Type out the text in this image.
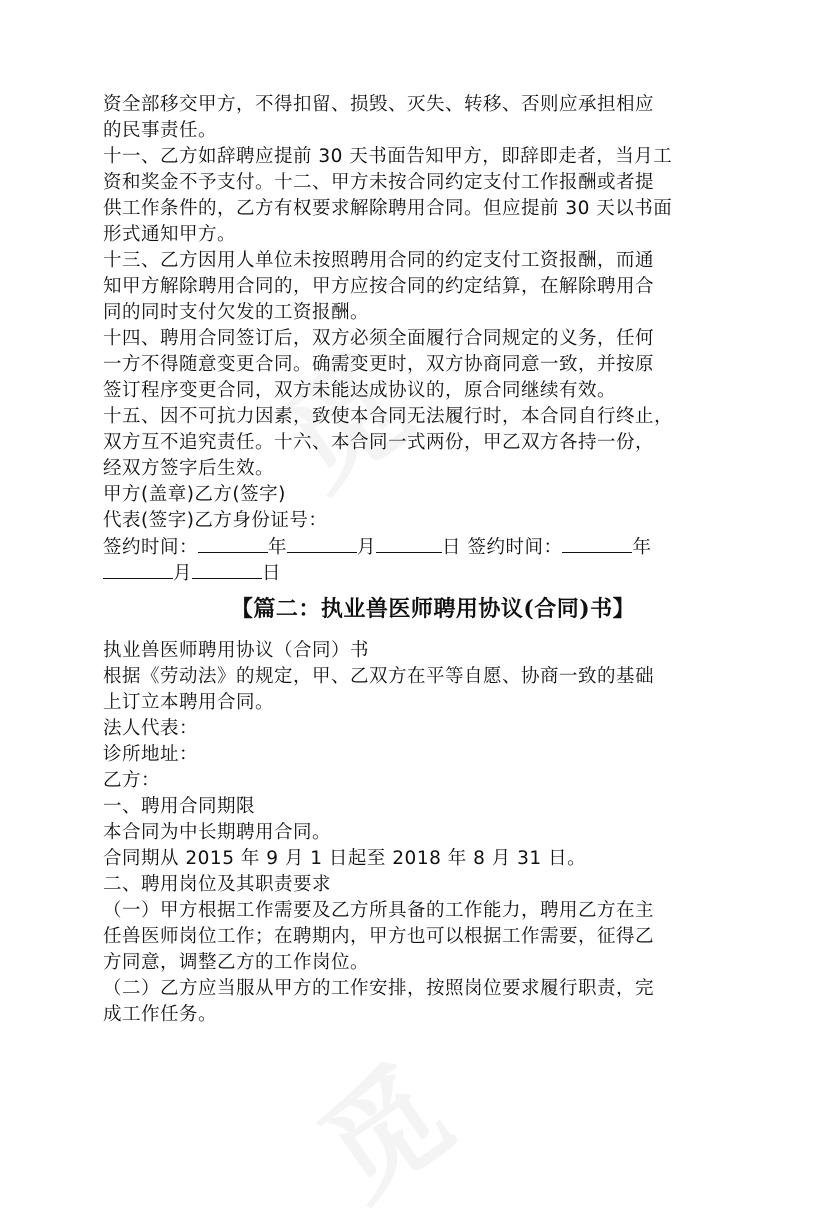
资全部移交甲方，不得扣留、损毁、灭失、转移、否则应承担相应

的民事责任。

十一、乙方如辞聘应提前 30 天书面告知甲方，即辞即走者，当月工

资和奖金不予支付。十二、甲方未按合同约定支付工作报酬或者提

供工作条件的，乙方有权要求解除聘用合同。但应提前 30 天以书面

形式通知甲方。

十三、乙方因用人单位未按照聘用合同的约定支付工资报酬，而通

知甲方解除聘用合同的，甲方应按合同的约定结算，在解除聘用合

同的同时支付欠发的工资报酬。

十四、聘用合同签订后，双方必须全面履行合同规定的义务，任何

一方不得随意变更合同。确需变更时，双方协商同意一致，并按原

签订程序变更合同，双方未能达成协议的，原合同继续有效。

十五、因不可抗力因素，致使本合同无法履行时，本合同自行终止，

双方互不追究责任。十六、本合同一式两份，甲乙双方各持一份，

经双方签字后生效。

甲方(盖章)乙方(签字)

代表(签字)乙方身份证号：

签约时间：	年	月	日 签约时间：	年

月	日

【篇二：执业兽医师聘用协议(合同)书】

执业兽医师聘用协议（合同）书

根据《劳动法》的规定，甲、乙双方在平等自愿、协商一致的基础

上订立本聘用合同。

法人代表：

诊所地址：

乙方：

一、聘用合同期限

本合同为中长期聘用合同。

合同期从 2015 年 9 月 1 日起至 2018 年 8 月 31 日。

二、聘用岗位及其职责要求

（一）甲方根据工作需要及乙方所具备的工作能力，聘用乙方在主

任兽医师岗位工作；在聘期内，甲方也可以根据工作需要，征得乙

方同意，调整乙方的工作岗位。

（二）乙方应当服从甲方的工作安排，按照岗位要求履行职责，完

成工作任务。
